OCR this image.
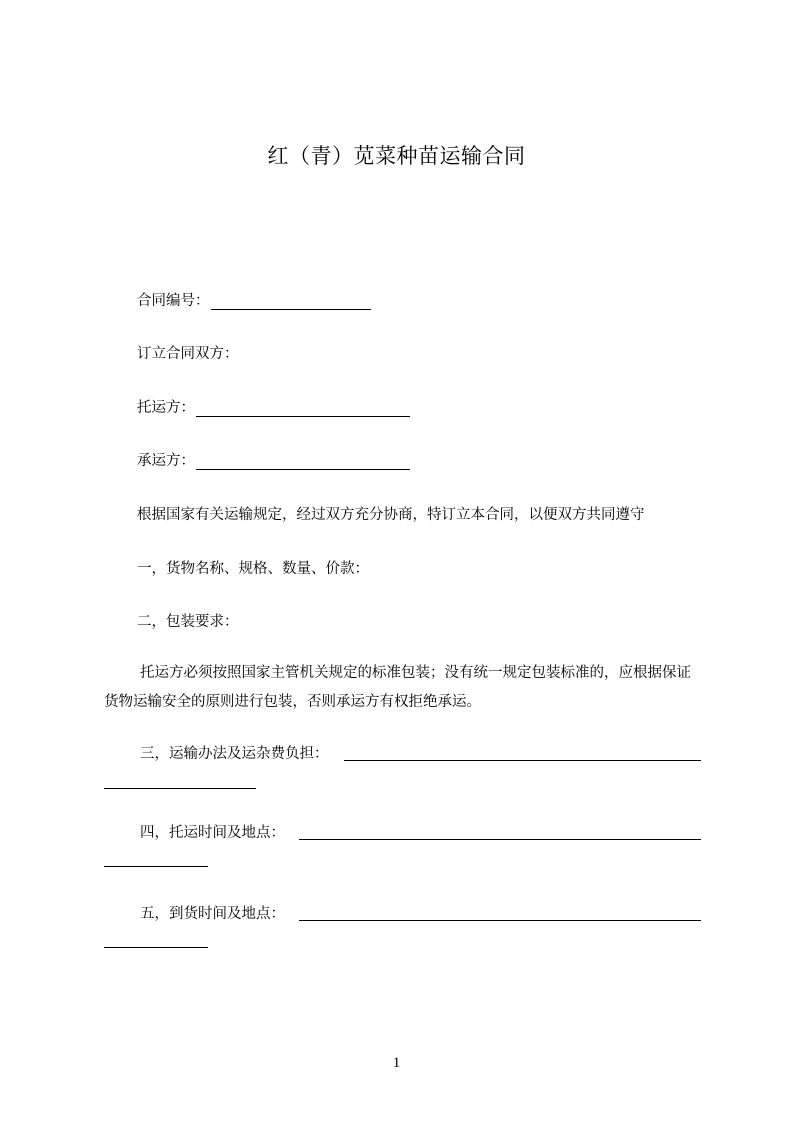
红（青）苋菜种苗运输合同
合同编号：
订立合同双方：
托运方：
承运方：
根据国家有关运输规定，经过双方充分协商，特订立本合同，以便双方共同遵守
一，货物名称、规格、数量、价款：
二，包装要求：
托运方必须按照国家主管机关规定的标准包装；没有统一规定包装标准的，应根据保证货物运输安全的原则进行包装，否则承运方有权拒绝承运。
三，运输办法及运杂费负担：
四，托运时间及地点：
五，到货时间及地点：
1
